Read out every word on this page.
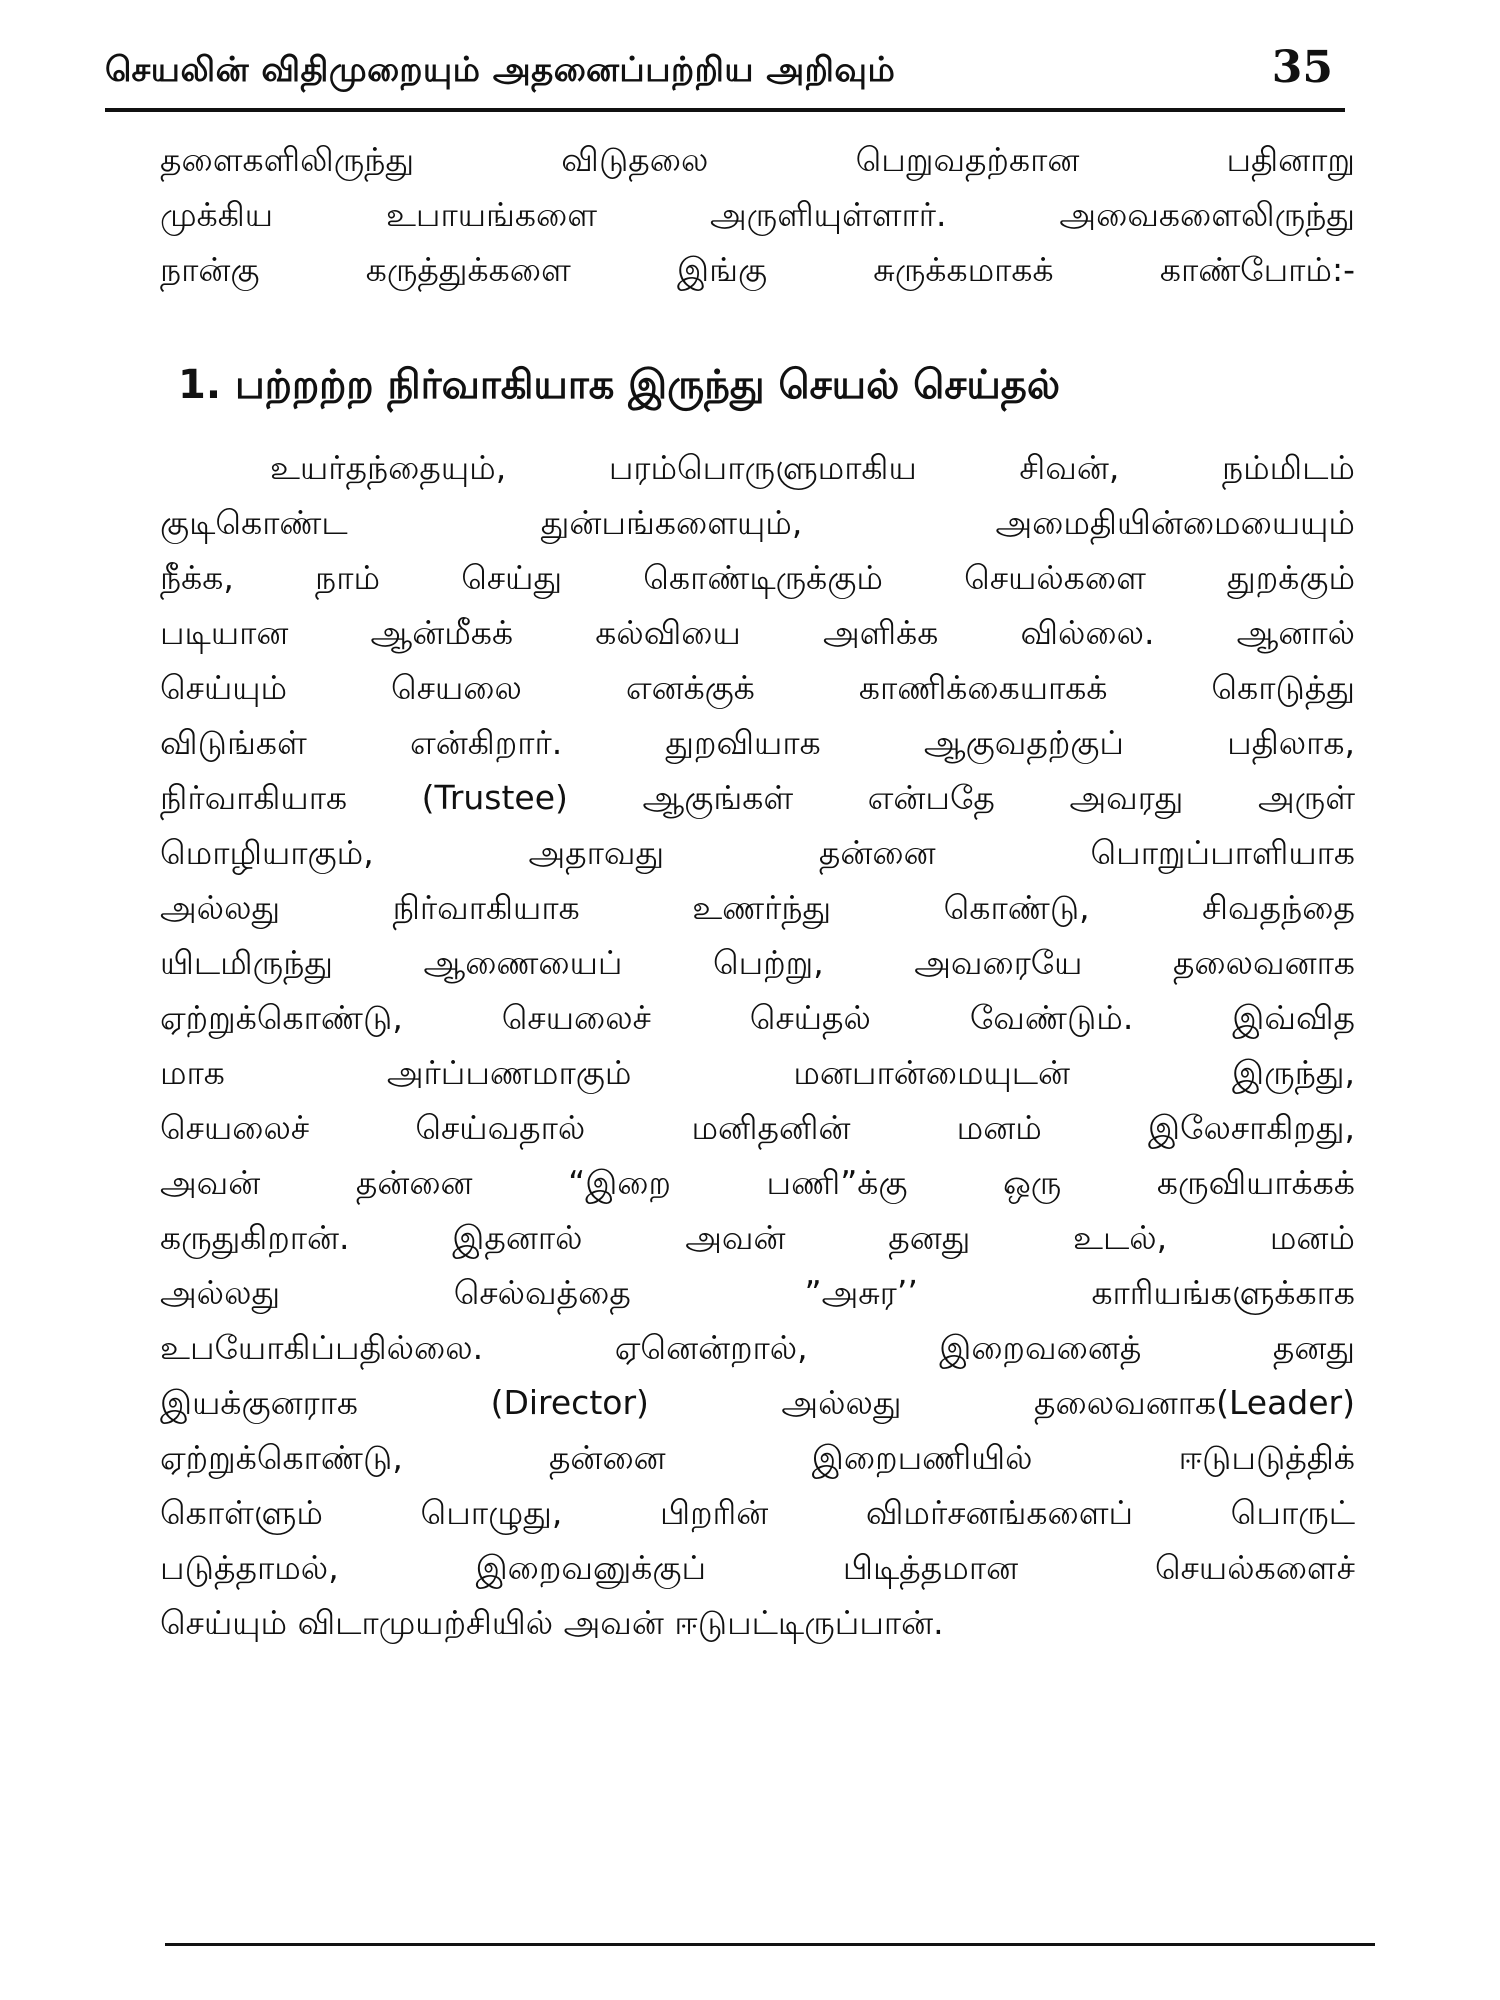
செயலின் விதிமுறையும் அதனைப்பற்றிய அறிவும்	35
தளைகளிலிருந்து விடுதலை பெறுவதற்கான பதினாறு
முக்கிய உபாயங்களை அருளியுள்ளார். அவைகளைலிருந்து
நான்கு கருத்துக்களை இங்கு சுருக்கமாகக் காண்போம்:-
1. பற்றற்ற நிர்வாகியாக இருந்து செயல் செய்தல்
உயர்தந்தையும், பரம்பொருளுமாகிய சிவன், நம்மிடம்
குடிகொண்ட துன்பங்களையும், அமைதியின்மையையும்
நீக்க, நாம் செய்து கொண்டிருக்கும் செயல்களை துறக்கும்
படியான ஆன்மீகக் கல்வியை அளிக்க வில்லை. ஆனால்
செய்யும் செயலை எனக்குக் காணிக்கையாகக் கொடுத்து
விடுங்கள் என்கிறார். துறவியாக ஆகுவதற்குப் பதிலாக,
நிர்வாகியாக (Trustee) ஆகுங்கள் என்பதே அவரது அருள்
மொழியாகும், அதாவது தன்னை பொறுப்பாளியாக
அல்லது நிர்வாகியாக உணர்ந்து கொண்டு, சிவதந்தை
யிடமிருந்து ஆணையைப் பெற்று, அவரையே தலைவனாக
ஏற்றுக்கொண்டு, செயலைச் செய்தல் வேண்டும். இவ்வித
மாக அர்ப்பணமாகும் மனபான்மையுடன் இருந்து,
செயலைச் செய்வதால் மனிதனின் மனம் இலேசாகிறது,
அவன் தன்னை “இறை பணி”க்கு ஒரு கருவியாக்கக்
கருதுகிறான். இதனால் அவன் தனது உடல், மனம்
அல்லது செல்வத்தை ”அசுர’’ காரியங்களுக்காக
உபயோகிப்பதில்லை. ஏனென்றால், இறைவனைத் தனது
இயக்குனராக (Director) அல்லது தலைவனாக(Leader)
ஏற்றுக்கொண்டு, தன்னை இறைபணியில் ஈடுபடுத்திக்
கொள்ளும் பொழுது, பிறரின் விமர்சனங்களைப் பொருட்
படுத்தாமல், இறைவனுக்குப் பிடித்தமான செயல்களைச்
செய்யும் விடாமுயற்சியில் அவன் ஈடுபட்டிருப்பான்.
